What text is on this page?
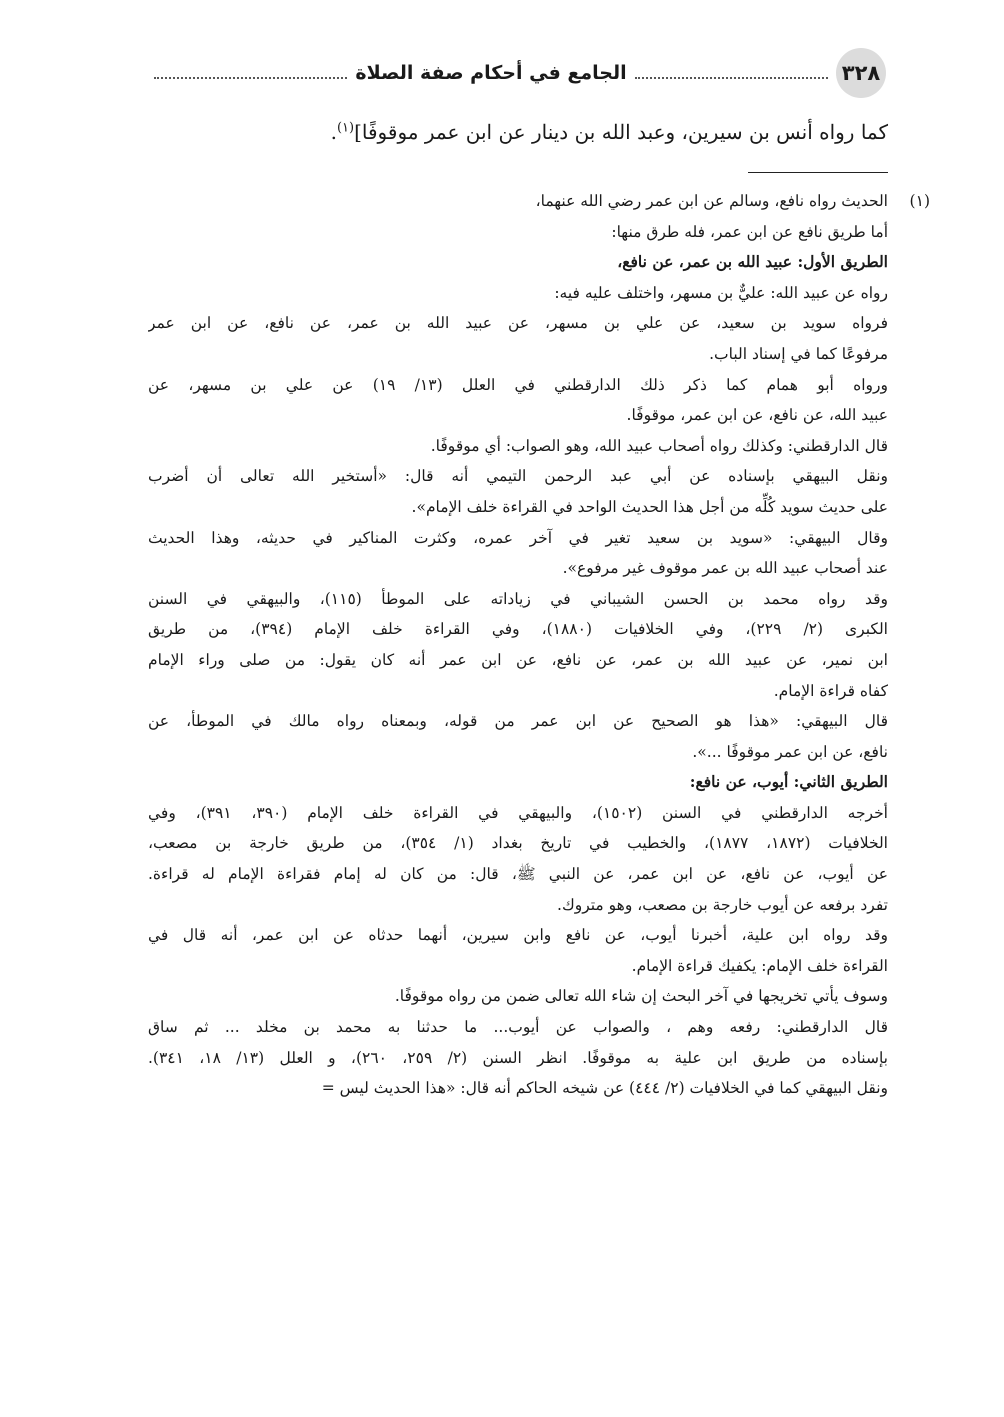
٣٢٨
الجامع في أحكام صفة الصلاة
كما رواه أنس بن سيرين، وعبد الله بن دينار عن ابن عمر موقوفًا]$^{(١)}$.
(١)الحديث رواه نافع، وسالم عن ابن عمر رضي الله عنهما،
أما طريق نافع عن ابن عمر، فله طرق منها:
الطريق الأول: عبيد الله بن عمر، عن نافع،
رواه عن عبيد الله: عليٌّ بن مسهر، واختلف عليه فيه:
فرواه سويد بن سعيد، عن علي بن مسهر، عن عبيد الله بن عمر، عن نافع، عن ابن عمر
مرفوعًا كما في إسناد الباب.
ورواه أبو همام كما ذكر ذلك الدارقطني في العلل (١٣/ ١٩) عن علي بن مسهر، عن
عبيد الله، عن نافع، عن ابن عمر، موقوفًا.
قال الدارقطني: وكذلك رواه أصحاب عبيد الله، وهو الصواب: أي موقوفًا.
ونقل البيهقي بإسناده عن أبي عبد الرحمن التيمي أنه قال: «أستخير الله تعالى أن أضرب
على حديث سويد كُلِّه من أجل هذا الحديث الواحد في القراءة خلف الإمام».
وقال البيهقي: «سويد بن سعيد تغير في آخر عمره، وكثرت المناكير في حديثه، وهذا الحديث
عند أصحاب عبيد الله بن عمر موقوف غير مرفوع».
وقد رواه محمد بن الحسن الشيباني في زياداته على الموطأ (١١٥)، والبيهقي في السنن
الكبرى (٢/ ٢٢٩)، وفي الخلافيات (١٨٨٠)، وفي القراءة خلف الإمام (٣٩٤)، من طريق
ابن نمير، عن عبيد الله بن عمر، عن نافع، عن ابن عمر أنه كان يقول: من صلى وراء الإمام
كفاه قراءة الإمام.
قال البيهقي: «هذا هو الصحيح عن ابن عمر من قوله، وبمعناه رواه مالك في الموطأ، عن
نافع، عن ابن عمر موقوفًا ...».
الطريق الثاني: أيوب، عن نافع:
أخرجه الدارقطني في السنن (١٥٠٢)، والبيهقي في القراءة خلف الإمام (٣٩٠، ٣٩١)، وفي
الخلافيات (١٨٧٢، ١٨٧٧)، والخطيب في تاريخ بغداد (١/ ٣٥٤)، من طريق خارجة بن مصعب،
عن أيوب، عن نافع، عن ابن عمر، عن النبي ﷺ، قال: من كان له إمام فقراءة الإمام له قراءة.
تفرد برفعه عن أيوب خارجة بن مصعب، وهو متروك.
وقد رواه ابن علية، أخبرنا أيوب، عن نافع وابن سيرين، أنهما حدثاه عن ابن عمر، أنه قال في
القراءة خلف الإمام: يكفيك قراءة الإمام.
وسوف يأتي تخريجها في آخر البحث إن شاء الله تعالى ضمن من رواه موقوفًا.
قال الدارقطني: رفعه وهم ، والصواب عن أيوب... ما حدثنا به محمد بن مخلد ... ثم ساق
بإسناده من طريق ابن علية به موقوفًا. انظر السنن (٢/ ٢٥٩، ٢٦٠)، و العلل (١٣/ ١٨، ٣٤١).
ونقل البيهقي كما في الخلافيات (٢/ ٤٤٤) عن شيخه الحاكم أنه قال: «هذا الحديث ليس =
